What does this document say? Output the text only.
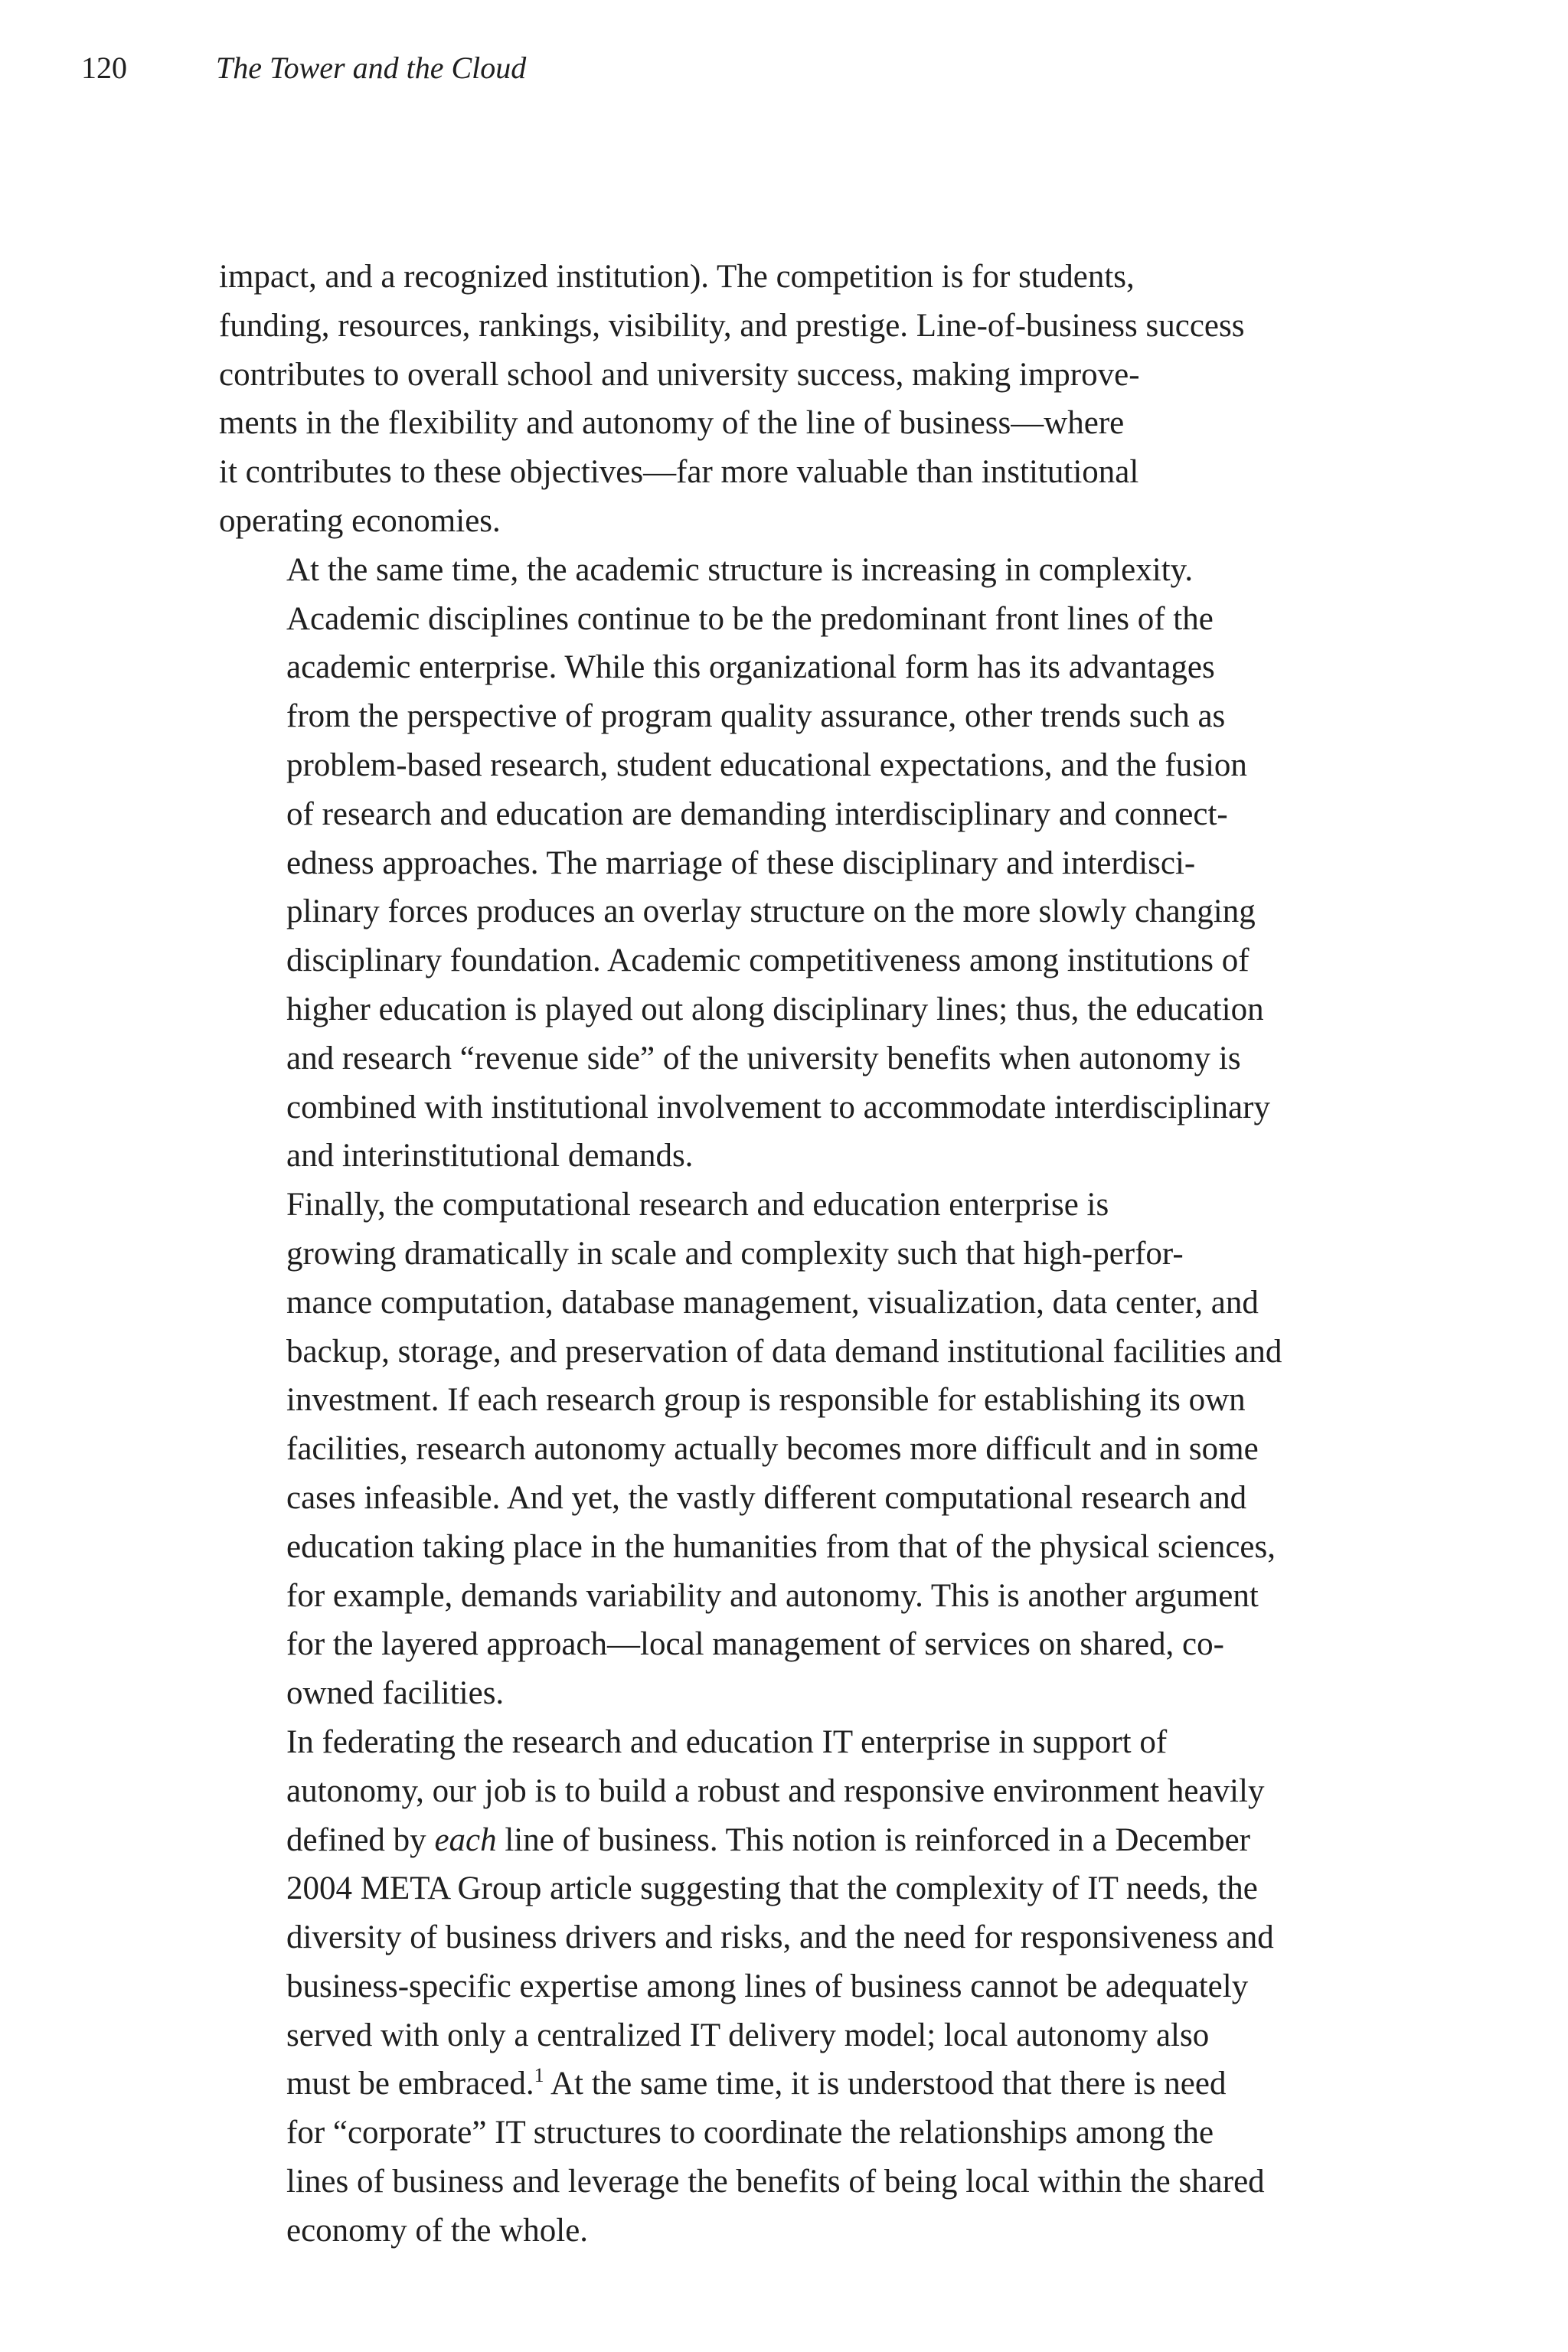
120	The Tower and the Cloud

impact, and a recognized institution). The competition is for students,
funding, resources, rankings, visibility, and prestige. Line-of-business success
contributes to overall school and university success, making improve-
ments in the flexibility and autonomy of the line of business—where
it contributes to these objectives—far more valuable than institutional
operating economies.

At the same time, the academic structure is increasing in complexity.
Academic disciplines continue to be the predominant front lines of the
academic enterprise. While this organizational form has its advantages
from the perspective of program quality assurance, other trends such as
problem-based research, student educational expectations, and the fusion
of research and education are demanding interdisciplinary and connect-
edness approaches. The marriage of these disciplinary and interdisci-
plinary forces produces an overlay structure on the more slowly changing
disciplinary foundation. Academic competitiveness among institutions of
higher education is played out along disciplinary lines; thus, the education
and research “revenue side” of the university benefits when autonomy is
combined with institutional involvement to accommodate interdisciplinary
and interinstitutional demands.

Finally, the computational research and education enterprise is
growing dramatically in scale and complexity such that high-perfor-
mance computation, database management, visualization, data center, and
backup, storage, and preservation of data demand institutional facilities and
investment. If each research group is responsible for establishing its own
facilities, research autonomy actually becomes more difficult and in some
cases infeasible. And yet, the vastly different computational research and
education taking place in the humanities from that of the physical sciences,
for example, demands variability and autonomy. This is another argument
for the layered approach—local management of services on shared, co-
owned facilities.

In federating the research and education IT enterprise in support of
autonomy, our job is to build a robust and responsive environment heavily
defined by each line of business. This notion is reinforced in a December
2004 META Group article suggesting that the complexity of IT needs, the
diversity of business drivers and risks, and the need for responsiveness and
business-specific expertise among lines of business cannot be adequately
served with only a centralized IT delivery model; local autonomy also
must be embraced.$^1$ At the same time, it is understood that there is need
for “corporate” IT structures to coordinate the relationships among the
lines of business and leverage the benefits of being local within the shared
economy of the whole.
